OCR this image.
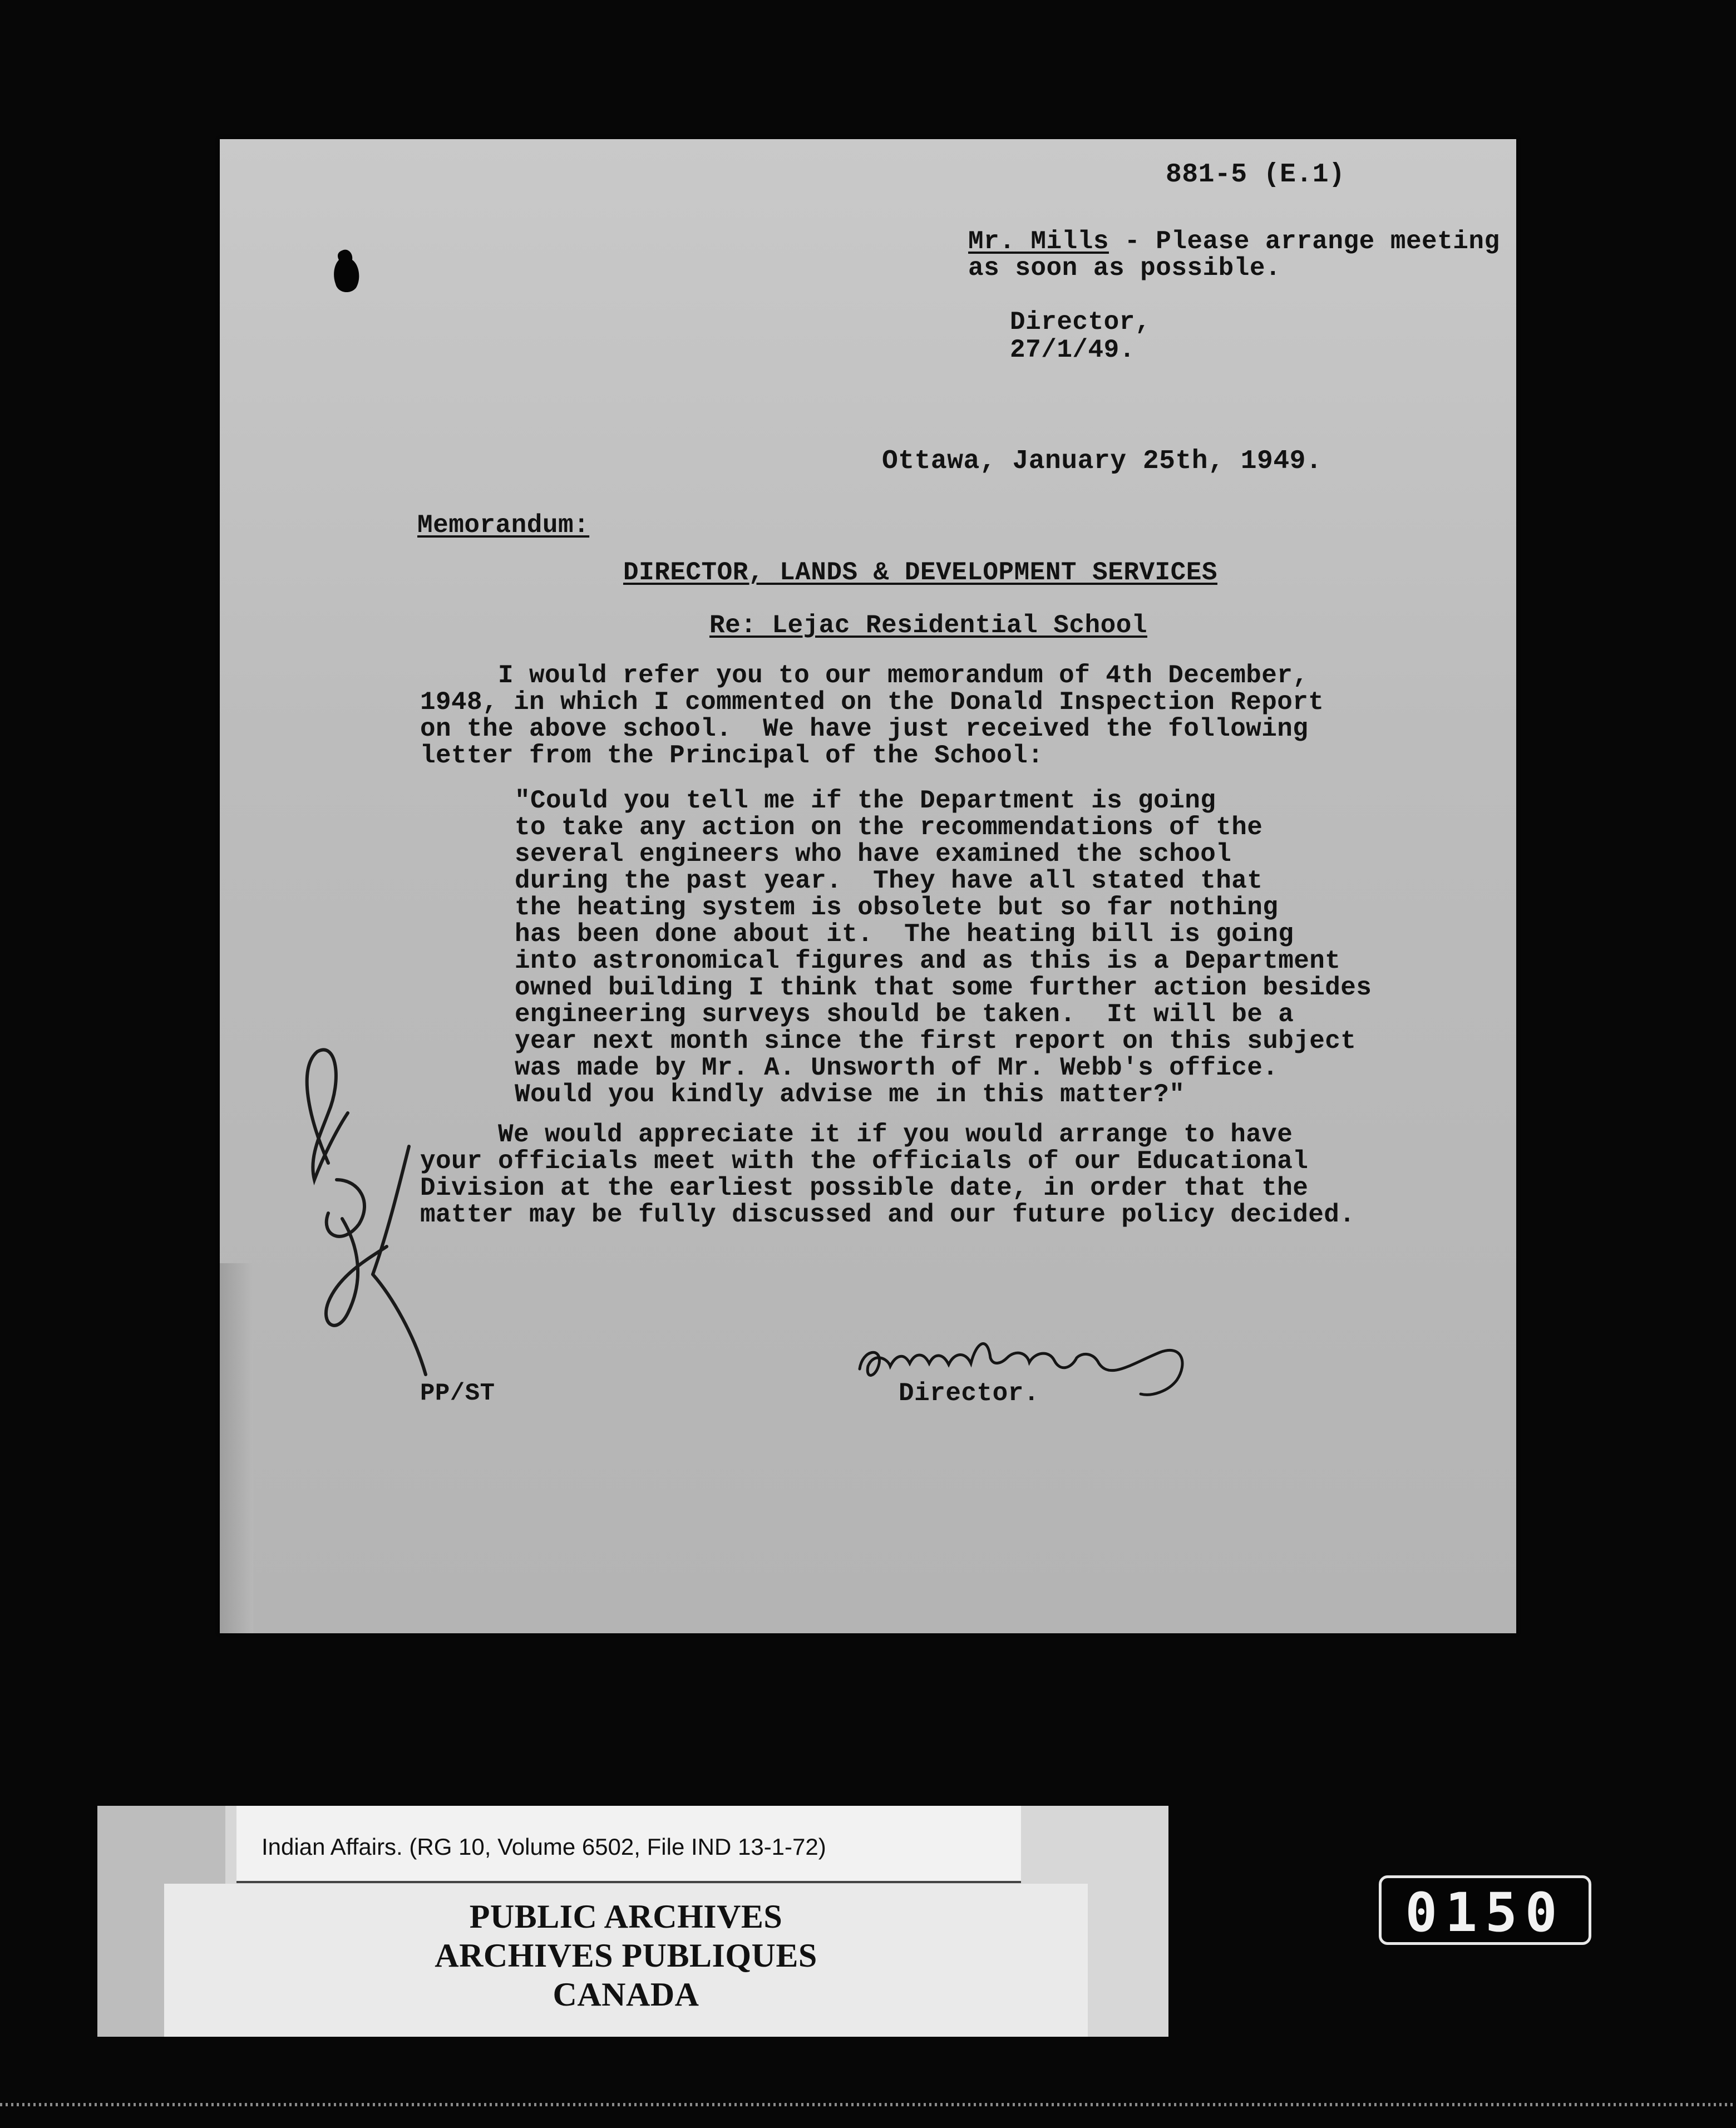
881-5 (E.1)
Mr. Mills - Please arrange meeting
as soon as possible.
Director,
27/1/49.
Ottawa, January 25th, 1949.
Memorandum:
DIRECTOR, LANDS & DEVELOPMENT SERVICES
Re: Lejac Residential School
I would refer you to our memorandum of 4th December,
1948, in which I commented on the Donald Inspection Report
on the above school.  We have just received the following
letter from the Principal of the School:
"Could you tell me if the Department is going
to take any action on the recommendations of the
several engineers who have examined the school
during the past year.  They have all stated that
the heating system is obsolete but so far nothing
has been done about it.  The heating bill is going
into astronomical figures and as this is a Department
owned building I think that some further action besides
engineering surveys should be taken.  It will be a
year next month since the first report on this subject
was made by Mr. A. Unsworth of Mr. Webb's office.
Would you kindly advise me in this matter?"
We would appreciate it if you would arrange to have
your officials meet with the officials of our Educational
Division at the earliest possible date, in order that the
matter may be fully discussed and our future policy decided.
PP/ST	Director.
Indian Affairs. (RG 10, Volume 6502, File IND 13-1-72)
PUBLIC ARCHIVES
ARCHIVES PUBLIQUES
CANADA
0150
